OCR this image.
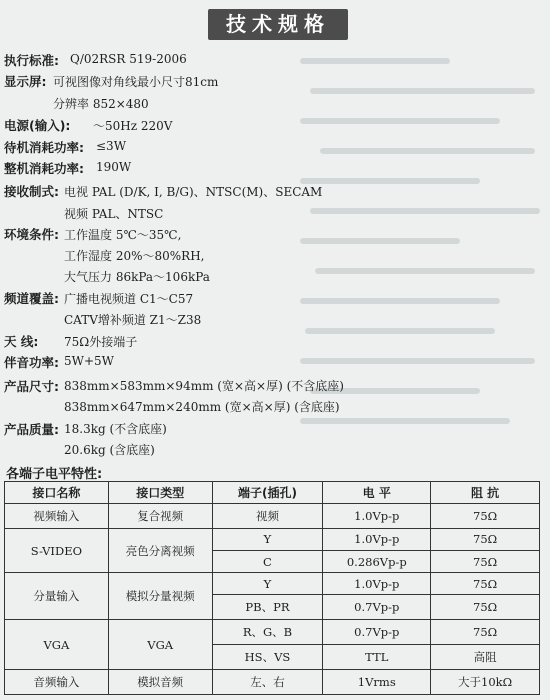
技术规格
执行标准: Q/02RSR 519-2006
显示屏: 可视图像对角线最小尺寸81cm
分辨率 852×480
电源(输入): ～50Hz 220V
待机消耗功率: ≤3W
整机消耗功率: 190W
接收制式: 电视 PAL (D/K, I, B/G)、NTSC(M)、SECAM
视频 PAL、NTSC
环境条件: 工作温度 5℃～35℃,
工作湿度 20%～80%RH,
大气压力 86kPa～106kPa
频道覆盖: 广播电视频道 C1～C57
CATV增补频道 Z1～Z38
天 线: 75Ω外接端子
伴音功率: 5W+5W
产品尺寸: 838mm×583mm×94mm (宽×高×厚) (不含底座)
838mm×647mm×240mm (宽×高×厚) (含底座)
产品质量: 18.3kg (不含底座)
20.6kg (含底座)
各端子电平特性:
接口名称	接口类型	端子(插孔)	电 平	阻 抗
视频输入	复合视频	视频	1.0Vp-p	75Ω
S-VIDEO	亮色分离视频	Y	1.0Vp-p	75Ω
		C	0.286Vp-p	75Ω
分量输入	模拟分量视频	Y	1.0Vp-p	75Ω
		PB、PR	0.7Vp-p	75Ω
VGA	VGA	R、G、B	0.7Vp-p	75Ω
		HS、VS	TTL	高阻
音频输入	模拟音频	左、右	1Vrms	大于10kΩ
